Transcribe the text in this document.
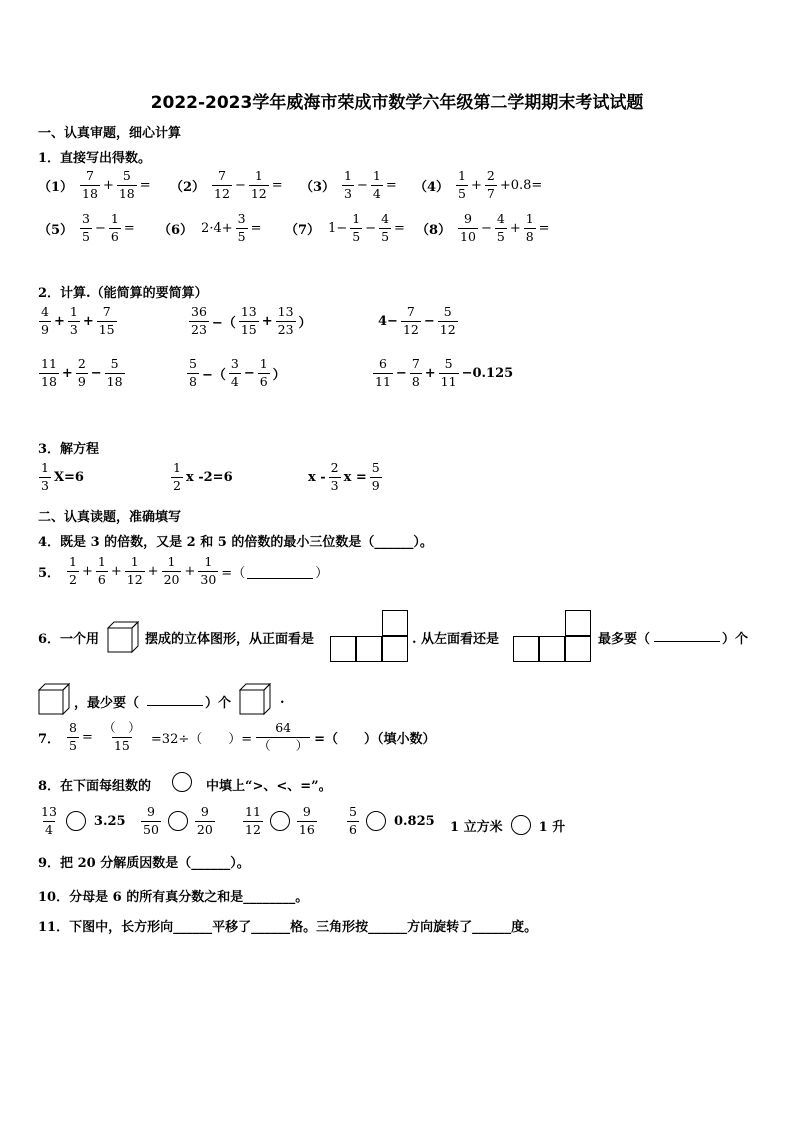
2022-2023学年威海市荣成市数学六年级第二学期期末考试试题
一、认真审题，细心计算
1．直接写出得数。
$(1) \frac{7}{18} + \frac{5}{18} = (2) \frac{7}{12} - \frac{1}{12} = (3) \frac{1}{3} - \frac{1}{4} = (4) \frac{1}{5} + \frac{2}{7} +0.8=$
$(5) \frac{3}{5} - \frac{1}{6} = (6)$ $2\cdot 4+ \frac{3}{5} = (7)$ $1- \frac{1}{5} - \frac{4}{5} = (8) \frac{9}{10} - \frac{4}{5} + \frac{1}{8}$ =
2．计算.（能简算的要简算）
$\frac{4}{9} + \frac{1}{3} + \frac{7}{15}$	$\frac{36}{23}$ −（ $\frac{13}{15} + \frac{13}{23}$ ）	$4- \frac{7}{12} - \frac{5}{12}$
$\frac{11}{18} + \frac{2}{9} - \frac{5}{18}$	$\frac{5}{8}$ −（ $\frac{3}{4} - \frac{1}{6}$ ）	$\frac{6}{11} - \frac{7}{8} + \frac{5}{11} -0.125$
3．解方程
$\frac{1}{3} X=6$	$\frac{1}{2}$ x -2=6	x - $\frac{2}{3}$ $x = \frac{5}{9}$
二、认真读题，准确填写
4．既是 3 的倍数，又是 2 和 5 的倍数的最小三位数是（______）。
5． $\frac{1}{2} + \frac{1}{6} + \frac{1}{12} + \frac{1}{20} + \frac{1}{30}$ =（	）
6．一个用	摆成的立体图形，从正面看是	. 从左面看还是	最多要（	）个
，最少要（	）个	.
7． $\frac{8}{5} = \frac{( )}{15} =32\div$（　　）= $\frac{64}{( )}$ =（　　）（填小数）
8．在下面每组数的	中填上“>、<、=”。
$\frac{13}{4}$	$3.25 \frac{9}{50}$	$\frac{9}{20} \frac{11}{12}$	$\frac{9}{16} \frac{5}{6}$	0.825 1 立方米	1 升
9．把 20 分解质因数是（______）。
10．分母是 6 的所有真分数之和是________。
11．下图中，长方形向______平移了______格。三角形按______方向旋转了______度。
